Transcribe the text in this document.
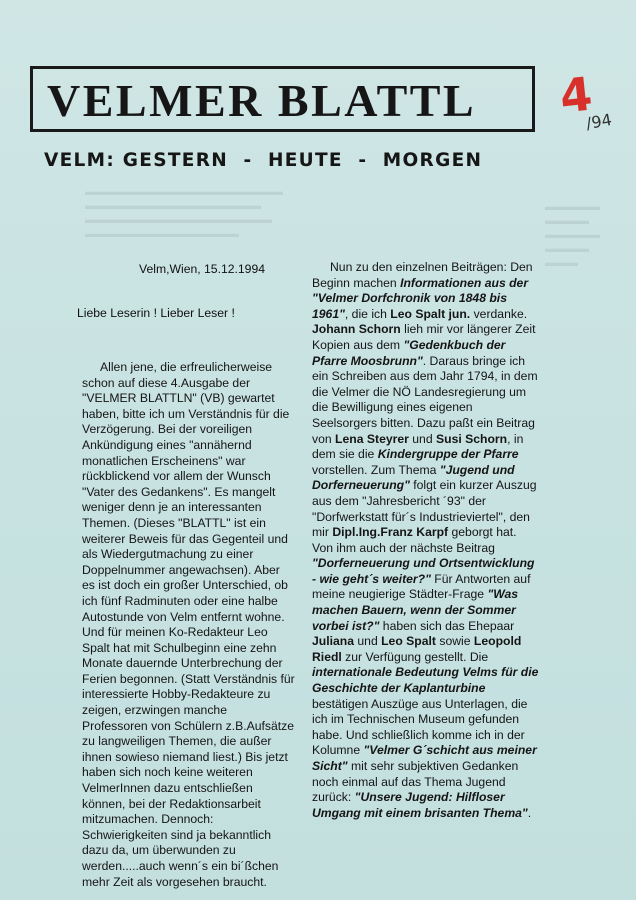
▬▬▬▬▬▬▬▬▬▬▬▬▬▬▬▬▬▬
▬▬▬▬▬▬▬▬▬▬▬▬▬▬▬▬
▬▬▬▬▬▬▬▬▬▬▬▬▬▬▬▬▬
▬▬▬▬▬▬▬▬▬▬▬▬▬▬
▬▬▬▬▬
▬▬▬▬
▬▬▬▬▬
▬▬▬▬
▬▬▬
VELMER BLATTL
VELM: GESTERN  -  HEUTE  -  MORGEN
4
/94
Velm,Wien, 15.12.1994
Liebe Leserin ! Lieber Leser !

Allen jene, die erfreulicherweise schon auf diese 4.Ausgabe der "VELMER BLATTLN" (VB) gewartet haben, bitte ich um Verständnis für die Verzögerung. Bei der voreiligen Ankündigung eines "annähernd monatlichen Erscheinens" war rückblickend vor allem der Wunsch "Vater des Gedankens". Es mangelt weniger denn je an interessanten Themen. (Dieses "BLATTL" ist ein weiterer Beweis für das Gegenteil und als Wiedergutmachung zu einer Doppelnummer angewachsen). Aber es ist doch ein großer Unterschied, ob ich fünf Radminuten oder eine halbe Autostunde von Velm entfernt wohne. Und für meinen Ko-Redakteur Leo Spalt hat mit Schulbeginn eine zehn Monate dauernde Unterbrechung der Ferien begonnen. (Statt Verständnis für interessierte Hobby-Redakteure zu zeigen, erzwingen manche Professoren von Schülern z.B.Aufsätze zu langweiligen Themen, die außer ihnen sowieso niemand liest.) Bis jetzt haben sich noch keine weiteren VelmerInnen dazu entschließen können, bei der Redaktionsarbeit mitzumachen. Dennoch: Schwierigkeiten sind ja bekanntlich dazu da, um überwunden zu werden.....auch wenn´s ein bi´ßchen mehr Zeit als vorgesehen braucht.

Nun zu den einzelnen Beiträgen: Den Beginn machen Informationen aus der "Velmer Dorfchronik von 1848 bis 1961", die ich Leo Spalt jun. verdanke. Johann Schorn lieh mir vor längerer Zeit Kopien aus dem "Gedenkbuch der Pfarre Moosbrunn". Daraus bringe ich ein Schreiben aus dem Jahr 1794, in dem die Velmer die NÖ Landesregierung um die Bewilligung eines eigenen Seelsorgers bitten. Dazu paßt ein Beitrag von Lena Steyrer und Susi Schorn, in dem sie die Kindergruppe der Pfarre vorstellen. Zum Thema "Jugend und Dorferneuerung" folgt ein kurzer Auszug aus dem "Jahresbericht ´93" der "Dorfwerkstatt für´s Industrieviertel", den mir Dipl.Ing.Franz Karpf geborgt hat. Von ihm auch der nächste Beitrag "Dorferneuerung und Ortsentwicklung - wie geht´s weiter?" Für Antworten auf meine neugierige Städter-Frage "Was machen Bauern, wenn der Sommer vorbei ist?" haben sich das Ehepaar Juliana und Leo Spalt sowie Leopold Riedl zur Verfügung gestellt. Die internationale Bedeutung Velms für die Geschichte der Kaplanturbine bestätigen Auszüge aus Unterlagen, die ich im Technischen Museum gefunden habe. Und schließlich komme ich in der Kolumne "Velmer G´schicht aus meiner Sicht" mit sehr subjektiven Gedanken noch einmal auf das Thema Jugend zurück: "Unsere Jugend: Hilfloser Umgang mit einem brisanten Thema".
